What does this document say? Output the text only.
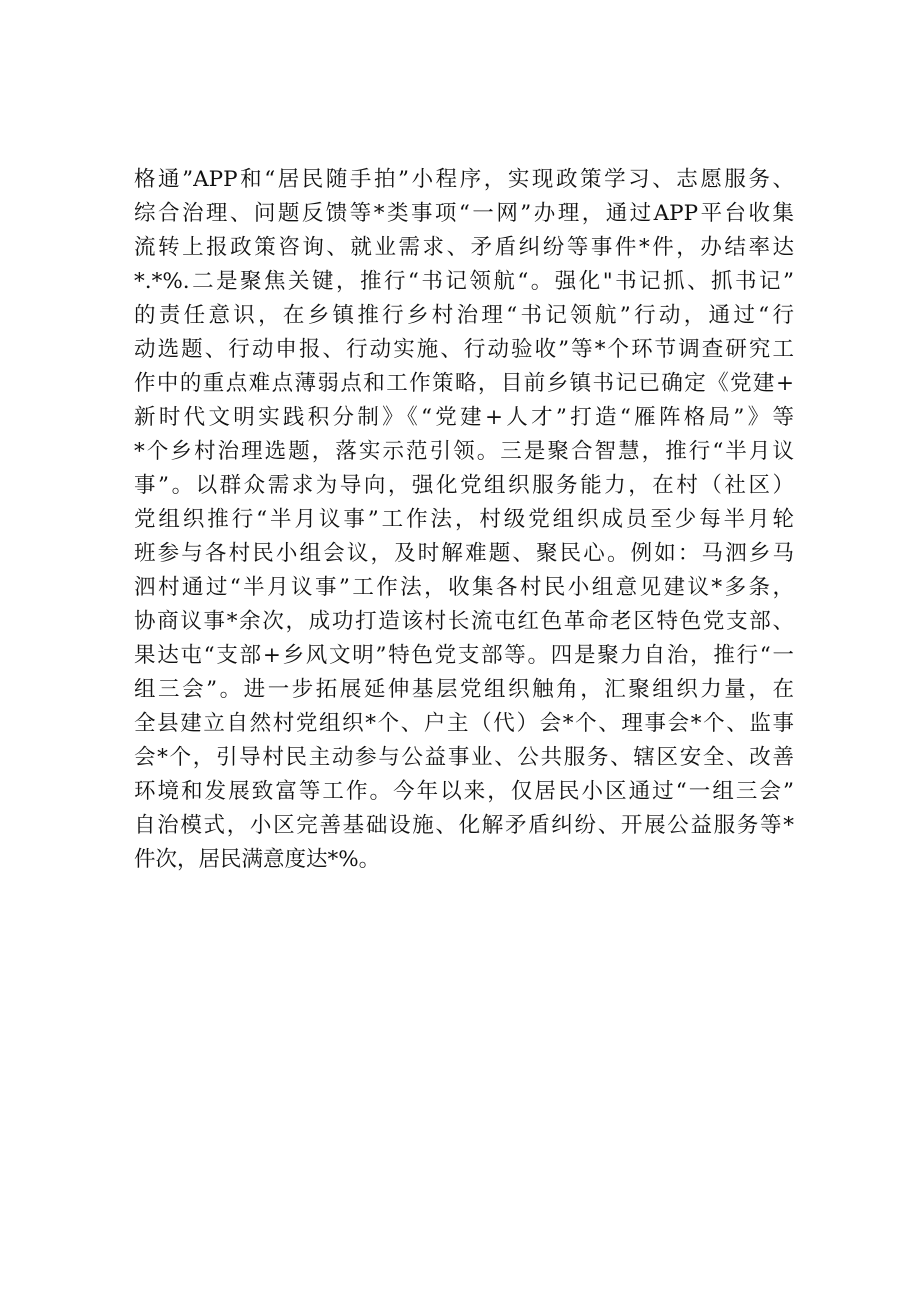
格通”APP和“居民随手拍”小程序，实现政策学习、志愿服务、
综合治理、问题反馈等*类事项“一网”办理，通过APP平台收集
流转上报政策咨询、就业需求、矛盾纠纷等事件*件，办结率达
*.*%.二是聚焦关键，推行“书记领航“。强化"书记抓、抓书记”
的责任意识，在乡镇推行乡村治理“书记领航”行动，通过“行
动选题、行动申报、行动实施、行动验收”等*个环节调查研究工
作中的重点难点薄弱点和工作策略，目前乡镇书记已确定《党建+
新时代文明实践积分制》《“党建+人才”打造“雁阵格局”》等
*个乡村治理选题，落实示范引领。三是聚合智慧，推行“半月议
事”。以群众需求为导向，强化党组织服务能力，在村（社区）
党组织推行“半月议事”工作法，村级党组织成员至少每半月轮
班参与各村民小组会议，及时解难题、聚民心。例如：马泗乡马
泗村通过“半月议事”工作法，收集各村民小组意见建议*多条，
协商议事*余次，成功打造该村长流屯红色革命老区特色党支部、
果达屯“支部+乡风文明”特色党支部等。四是聚力自治，推行“一
组三会”。进一步拓展延伸基层党组织触角，汇聚组织力量，在
全县建立自然村党组织*个、户主（代）会*个、理事会*个、监事
会*个，引导村民主动参与公益事业、公共服务、辖区安全、改善
环境和发展致富等工作。今年以来，仅居民小区通过“一组三会”
自治模式，小区完善基础设施、化解矛盾纠纷、开展公益服务等*
件次，居民满意度达*%。
